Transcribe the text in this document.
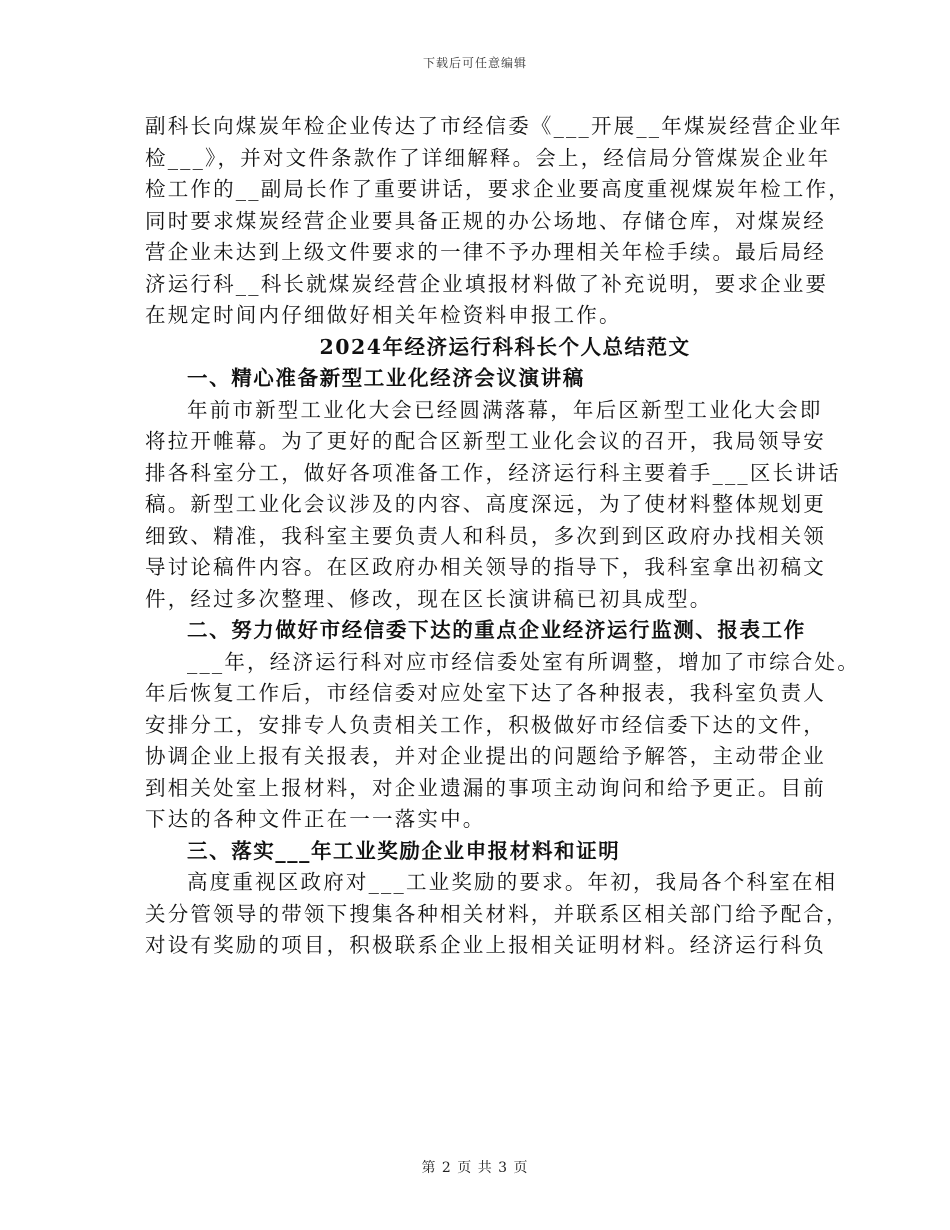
下载后可任意编辑
副科长向煤炭年检企业传达了市经信委《___开展__年煤炭经营企业年
检___》，并对文件条款作了详细解释。会上，经信局分管煤炭企业年
检工作的__副局长作了重要讲话，要求企业要高度重视煤炭年检工作，
同时要求煤炭经营企业要具备正规的办公场地、存储仓库，对煤炭经
营企业未达到上级文件要求的一律不予办理相关年检手续。最后局经
济运行科__科长就煤炭经营企业填报材料做了补充说明，要求企业要
在规定时间内仔细做好相关年检资料申报工作。
2024年经济运行科科长个人总结范文
一、精心准备新型工业化经济会议演讲稿
年前市新型工业化大会已经圆满落幕，年后区新型工业化大会即
将拉开帷幕。为了更好的配合区新型工业化会议的召开，我局领导安
排各科室分工，做好各项准备工作，经济运行科主要着手___区长讲话
稿。新型工业化会议涉及的内容、高度深远，为了使材料整体规划更
细致、精准，我科室主要负责人和科员，多次到到区政府办找相关领
导讨论稿件内容。在区政府办相关领导的指导下，我科室拿出初稿文
件，经过多次整理、修改，现在区长演讲稿已初具成型。
二、努力做好市经信委下达的重点企业经济运行监测、报表工作
___年，经济运行科对应市经信委处室有所调整，增加了市综合处。
年后恢复工作后，市经信委对应处室下达了各种报表，我科室负责人
安排分工，安排专人负责相关工作，积极做好市经信委下达的文件，
协调企业上报有关报表，并对企业提出的问题给予解答，主动带企业
到相关处室上报材料，对企业遗漏的事项主动询问和给予更正。目前
下达的各种文件正在一一落实中。
三、落实___年工业奖励企业申报材料和证明
高度重视区政府对___工业奖励的要求。年初，我局各个科室在相
关分管领导的带领下搜集各种相关材料，并联系区相关部门给予配合，
对设有奖励的项目，积极联系企业上报相关证明材料。经济运行科负
第 2 页 共 3 页
